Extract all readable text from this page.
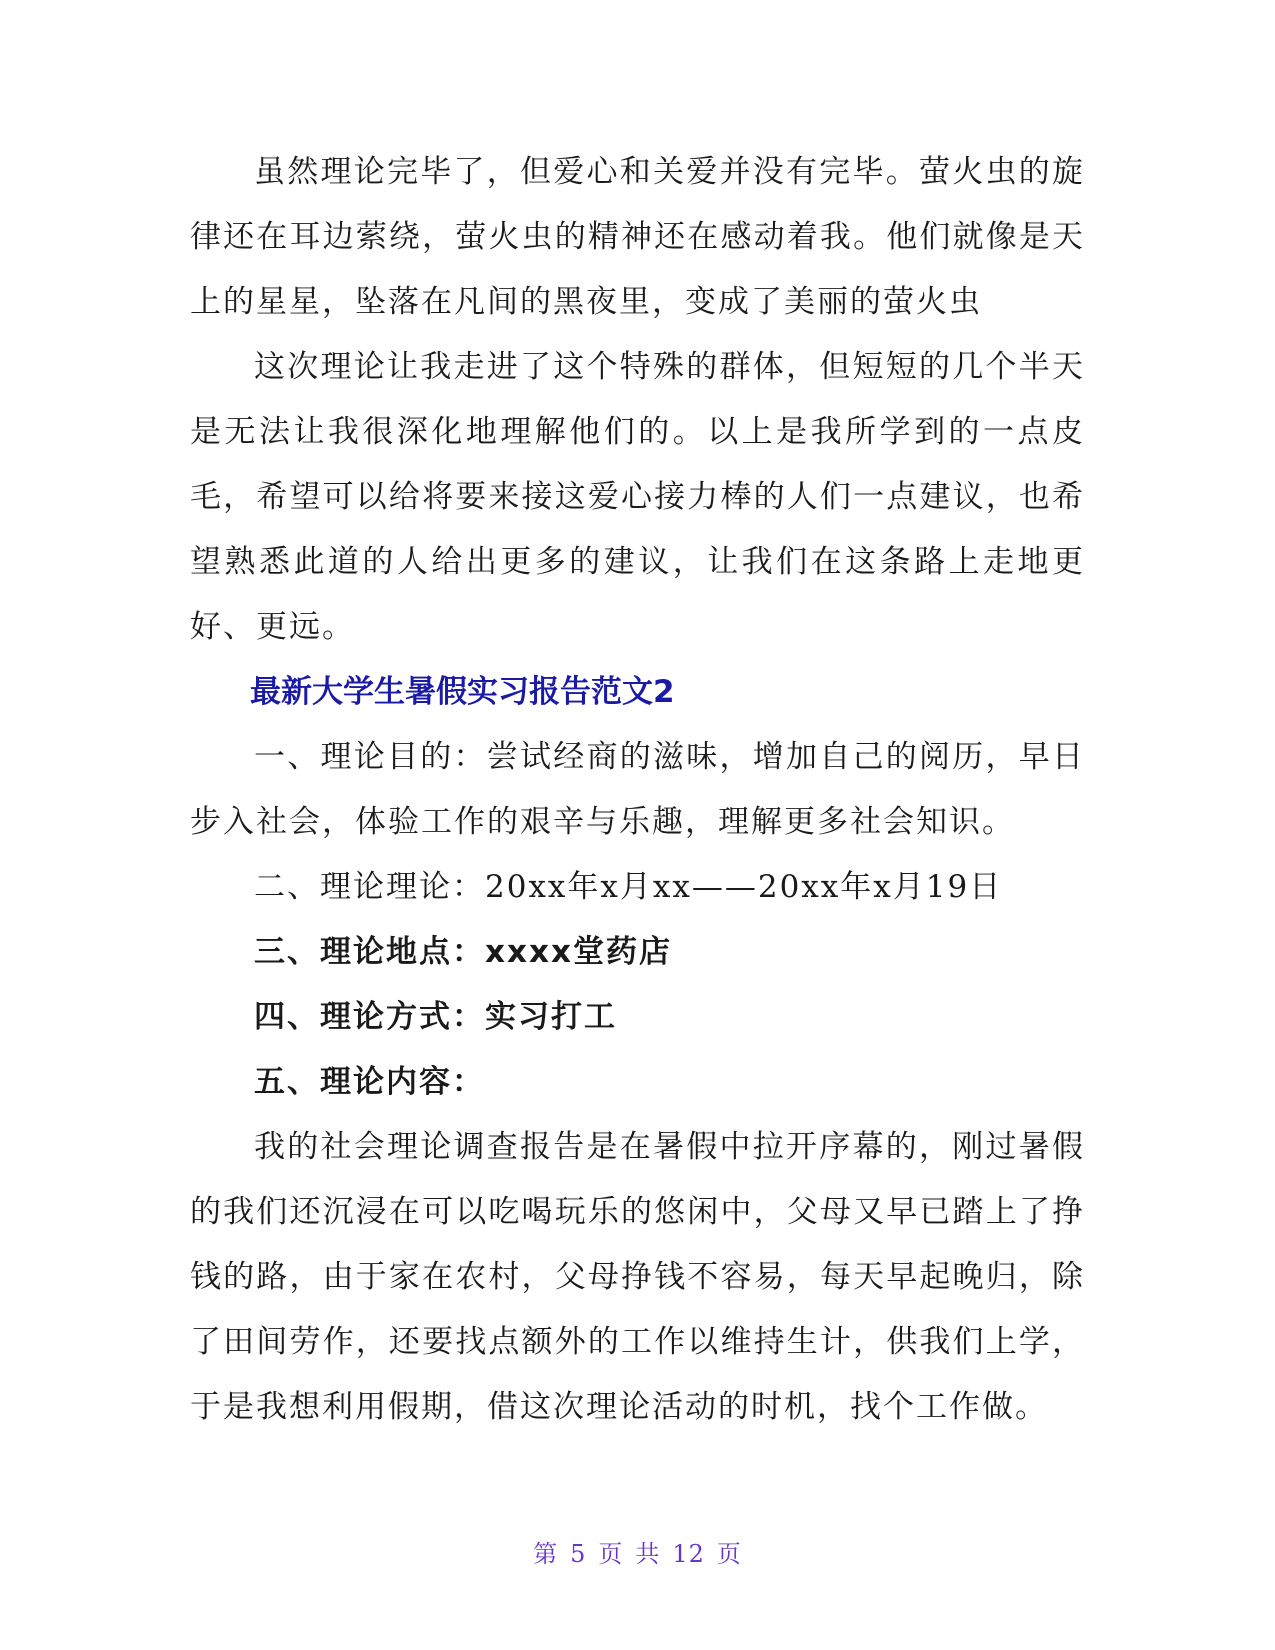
虽然理论完毕了，但爱心和关爱并没有完毕。萤火虫的旋律还在耳边萦绕，萤火虫的精神还在感动着我。他们就像是天上的星星，坠落在凡间的黑夜里，变成了美丽的萤火虫

这次理论让我走进了这个特殊的群体，但短短的几个半天是无法让我很深化地理解他们的。以上是我所学到的一点皮毛，希望可以给将要来接这爱心接力棒的人们一点建议，也希望熟悉此道的人给出更多的建议，让我们在这条路上走地更好、更远。

最新大学生暑假实习报告范文2

一、理论目的：尝试经商的滋味，增加自己的阅历，早日步入社会，体验工作的艰辛与乐趣，理解更多社会知识。

二、理论理论：20xx年x月xx——20xx年x月19日

三、理论地点：xxxx堂药店

四、理论方式：实习打工

五、理论内容：

我的社会理论调查报告是在暑假中拉开序幕的，刚过暑假的我们还沉浸在可以吃喝玩乐的悠闲中，父母又早已踏上了挣钱的路，由于家在农村，父母挣钱不容易，每天早起晚归，除了田间劳作，还要找点额外的工作以维持生计，供我们上学，于是我想利用假期，借这次理论活动的时机，找个工作做。

第 5 页 共 12 页
